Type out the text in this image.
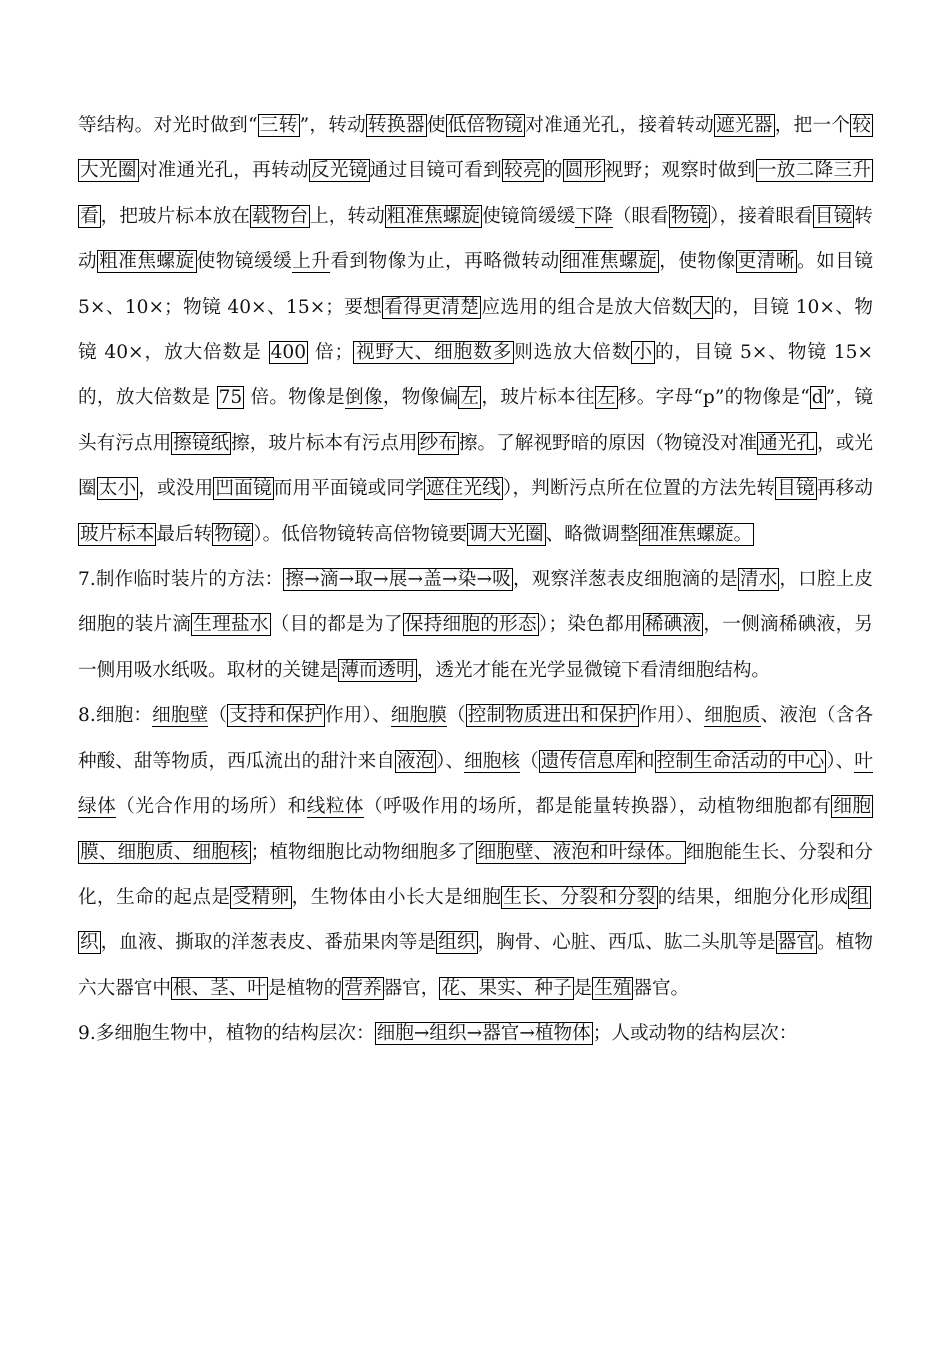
等结构。对光时做到“ 三转 ”，转动 转换器 使 低倍物镜 对准通光孔，接着转动 遮光器 ，把一个 较大光圈 对准通光孔，再转动 反光镜 通过目镜可看到 较亮 的 圆形 视野；观察时做到 一放二降三升看 ，把玻片标本放在 载物台 上，转动 粗准焦螺旋 使镜筒缓缓下降（眼看 物镜 ），接着眼看 目镜 转动 粗准焦螺旋 使物镜缓缓上升看到物像为止，再略微转动 细准焦螺旋 ，使物像 更清晰 。如目镜 5×、10×；物镜 40×、15×；要想 看得更清楚 应选用的组合是放大倍数 大 的，目镜 10×、物镜 40×，放大倍数是 400 倍； 视野大、细胞数多 则选放大倍数 小 的，目镜 5×、物镜 15×的，放大倍数是 75 倍。物像是倒像，物像偏 左 ，玻片标本往 左 移。字母“p”的物像是“ d ”，镜头有污点用 擦镜纸 擦，玻片标本有污点用 纱布 擦。了解视野暗的原因（物镜没对准 通光孔 ，或光圈 太小 ，或没用 凹面镜 而用平面镜或同学 遮住光线 ），判断污点所在位置的方法先转 目镜 再移动玻片标本 最后转 物镜 ）。低倍物镜转高倍物镜要 调大光圈 、略微调整 细准焦螺旋。

7.制作临时装片的方法： 擦→滴→取→展→盖→染→吸 ，观察洋葱表皮细胞滴的是 清水 ，口腔上皮细胞的装片滴 生理盐水 （目的都是为了 保持细胞的形态 ）；染色都用 稀碘液 ，一侧滴稀碘液，另一侧用吸水纸吸。取材的关键是 薄而透明 ，透光才能在光学显微镜下看清细胞结构。

8.细胞：细胞壁（ 支持和保护 作用）、细胞膜（ 控制物质进出和保护 作用）、细胞质、液泡（含各种酸、甜等物质，西瓜流出的甜汁来自 液泡 ）、细胞核（ 遗传信息库 和 控制生命活动的中心 ）、叶绿体（光合作用的场所）和线粒体（呼吸作用的场所，都是能量转换器），动植物细胞都有 细胞膜、细胞质、细胞核 ；植物细胞比动物细胞多了 细胞壁、液泡和叶绿体。 细胞能生长、分裂和分化，生命的起点是 受精卵 ，生物体由小长大是细胞 生长、分裂和分裂 的结果，细胞分化形成 组织 ，血液、撕取的洋葱表皮、番茄果肉等是 组织 ，胸骨、心脏、西瓜、肱二头肌等是 器官 。植物六大器官中 根、茎、叶 是植物的 营养 器官， 花、果实、种子 是 生殖 器官。

9.多细胞生物中，植物的结构层次： 细胞→组织→器官→植物体 ；人或动物的结构层次：
